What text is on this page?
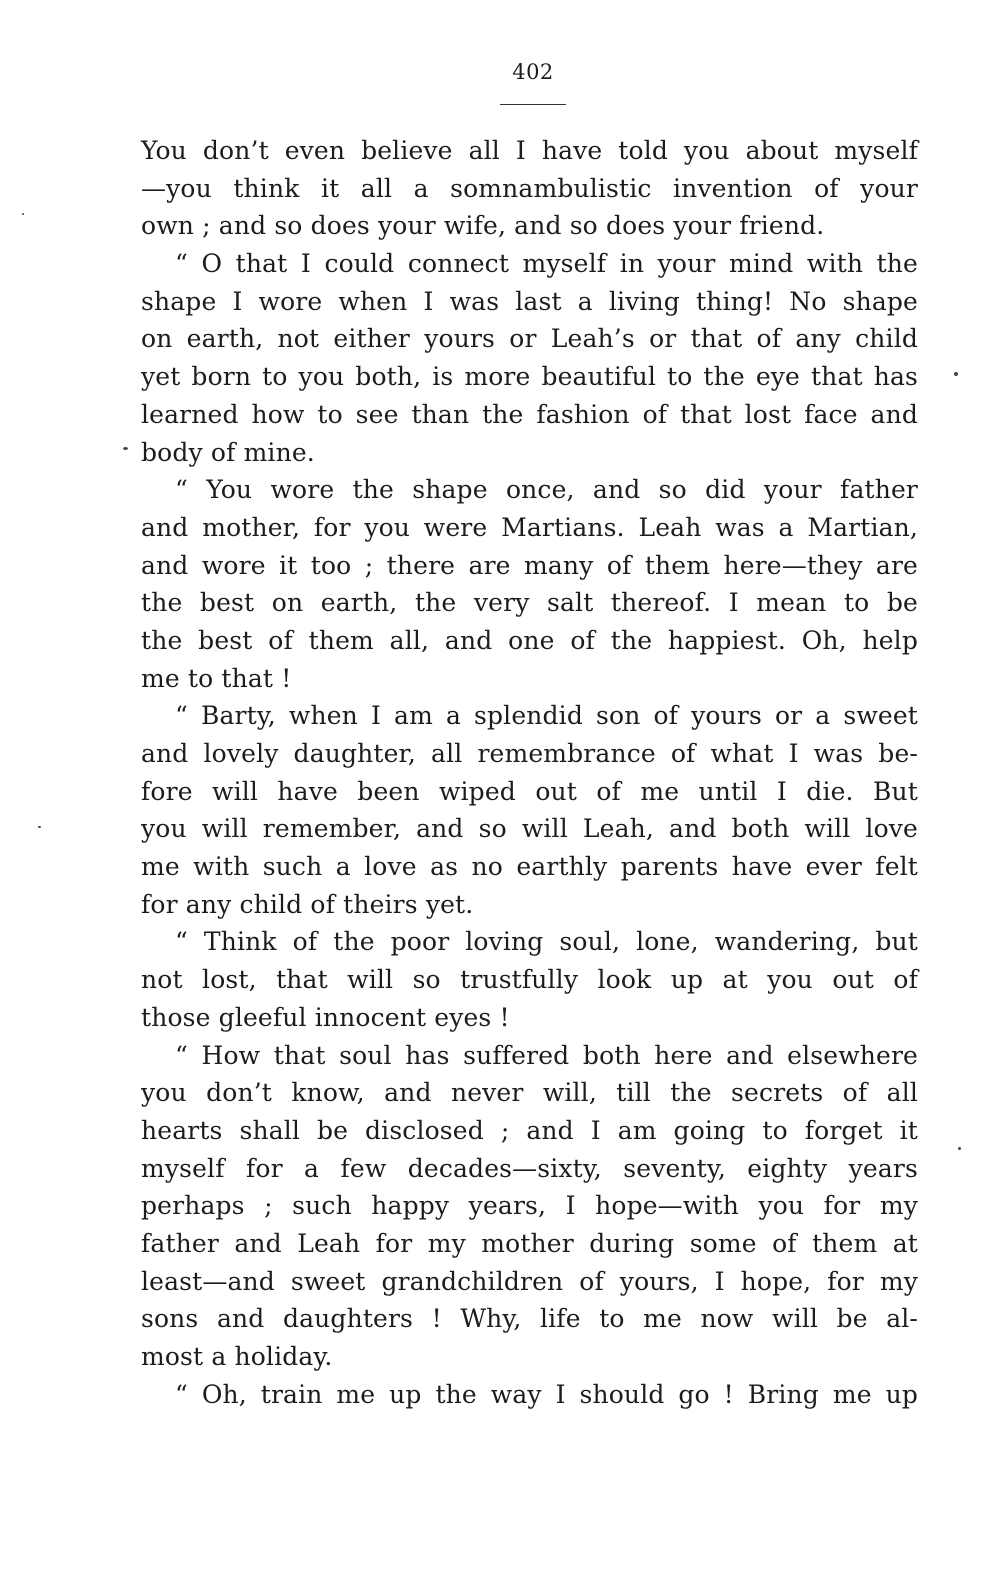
402
You don’t even believe all I have told you about myself
—you think it all a somnambulistic invention of your
own ; and so does your wife, and so does your friend.
“ O that I could connect myself in your mind with the
shape I wore when I was last a living thing! No shape
on earth, not either yours or Leah’s or that of any child
yet born to you both, is more beautiful to the eye that has
learned how to see than the fashion of that lost face and
body of mine.
“ You wore the shape once, and so did your father
and mother, for you were Martians. Leah was a Martian,
and wore it too ; there are many of them here—they are
the best on earth, the very salt thereof. I mean to be
the best of them all, and one of the happiest. Oh, help
me to that !
“ Barty, when I am a splendid son of yours or a sweet
and lovely daughter, all remembrance of what I was be-
fore will have been wiped out of me until I die. But
you will remember, and so will Leah, and both will love
me with such a love as no earthly parents have ever felt
for any child of theirs yet.
“ Think of the poor loving soul, lone, wandering, but
not lost, that will so trustfully look up at you out of
those gleeful innocent eyes !
“ How that soul has suffered both here and elsewhere
you don’t know, and never will, till the secrets of all
hearts shall be disclosed ; and I am going to forget it
myself for a few decades—sixty, seventy, eighty years
perhaps ; such happy years, I hope—with you for my
father and Leah for my mother during some of them at
least—and sweet grandchildren of yours, I hope, for my
sons and daughters ! Why, life to me now will be al-
most a holiday.
“ Oh, train me up the way I should go ! Bring me up
